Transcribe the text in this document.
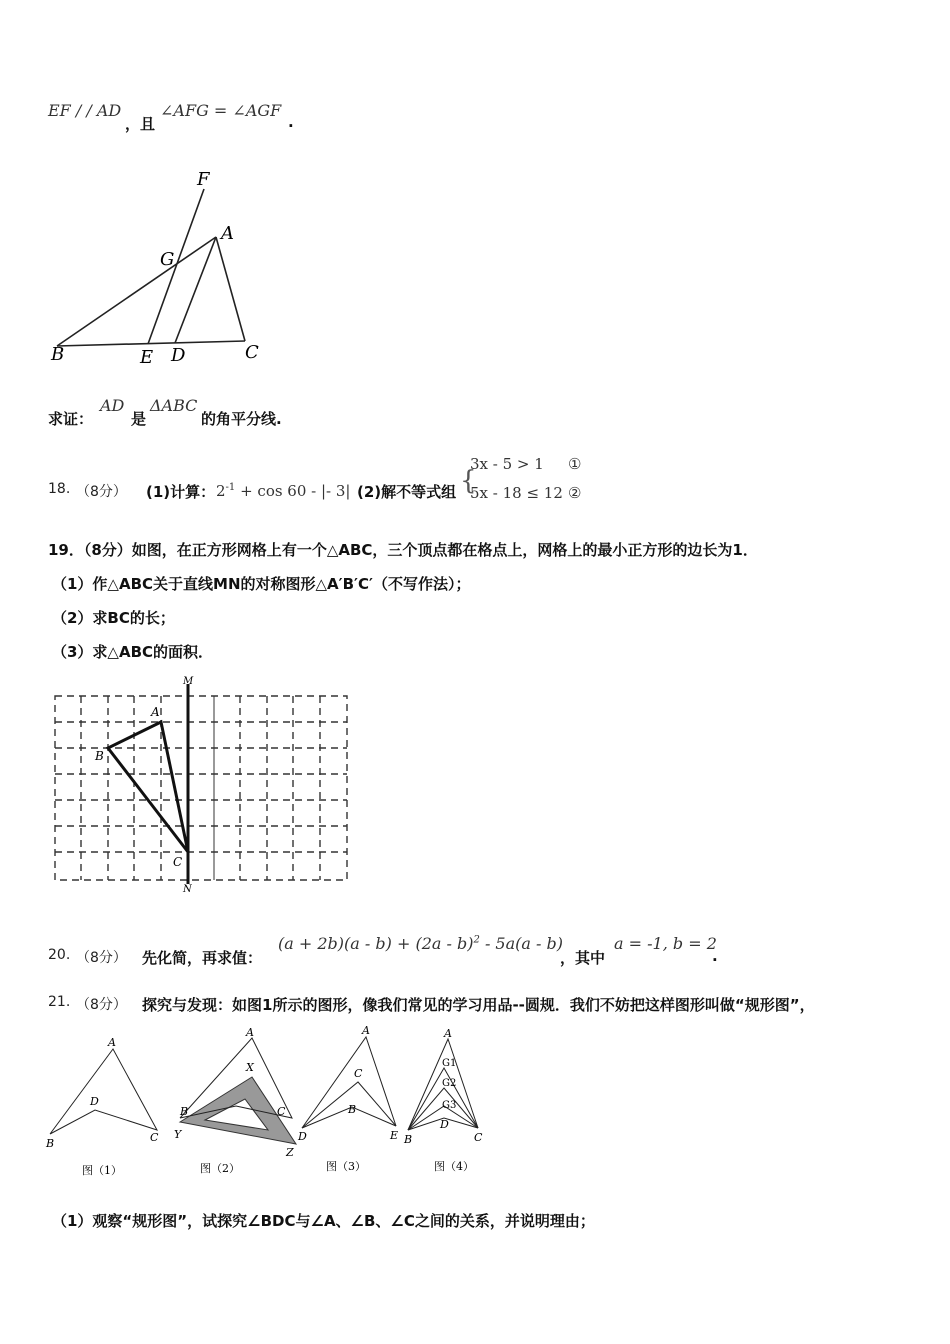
EF / / AD
，且
∠AFG = ∠AGF
.
F
A
G
B	E D	C
求证：
AD
是
ΔABC
的角平分线.
18. （8分） (1)计算： $2^{-1} + \cos 60$ - |- 3| (2)解不等式组 {
3x - 5 > 1 ①
5x - 18 ≤ 12 ②
19．（8分）如图，在正方形网格上有一个△ABC，三个顶点都在格点上，网格上的最小正方形的边长为1．
（1）作△ABC关于直线MN的对称图形△A′B′C′（不写作法）；
（2）求BC的长；
（3）求△ABC的面积．
M
A
B
C
N
20. （8分） 先化简，再求值：
(a + 2b)(a - b) + (2a - b)$^2$ - 5a(a - b)
，其中
a = -1, b = 2
.
21. （8分） 探究与发现：如图1所示的图形，像我们常见的学习用品--圆规．我们不妨把这样图形叫做“规形图”，
A
D
B	C
图（1）
A
X
B	C
Y
Z
图（2）
A
C
B
D	E
图（3）
A
G1
G2
G3
D
B	C
图（4）
（1）观察“规形图”，试探究∠BDC与∠A、∠B、∠C之间的关系，并说明理由；
